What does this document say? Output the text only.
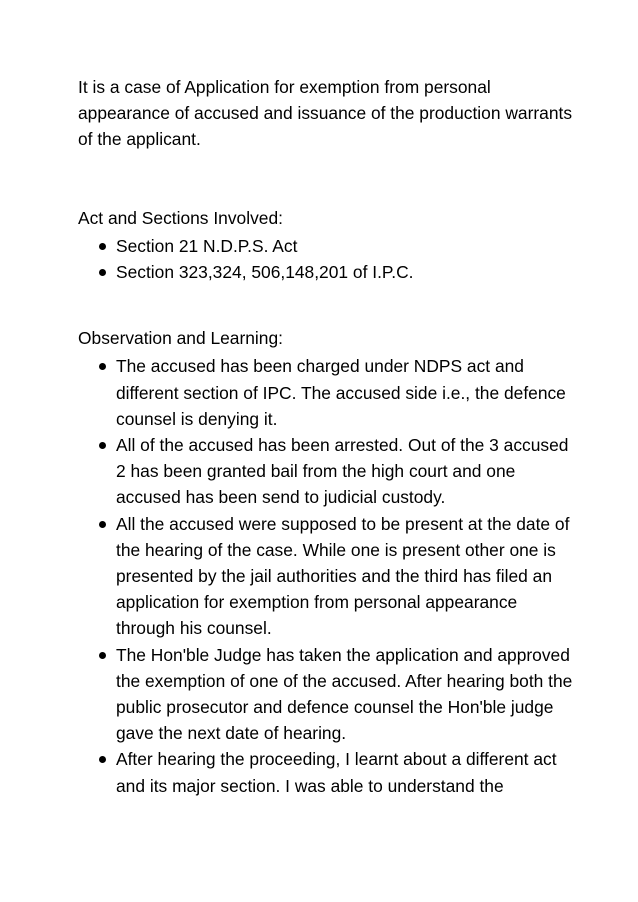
It is a case of Application for exemption from personal appearance of accused and issuance of the production warrants of the applicant.

Act and Sections Involved:

Section 21 N.D.P.S. Act
Section 323,324, 506,148,201 of I.P.C.

Observation and Learning:

The accused has been charged under NDPS act and different section of IPC. The accused side i.e., the defence counsel is denying it.
All of the accused has been arrested. Out of the 3 accused 2 has been granted bail from the high court and one accused has been send to judicial custody.
All the accused were supposed to be present at the date of the hearing of the case. While one is present other one is presented by the jail authorities and the third has filed an application for exemption from personal appearance through his counsel.
The Hon'ble Judge has taken the application and approved the exemption of one of the accused. After hearing both the public prosecutor and defence counsel the Hon'ble judge gave the next date of hearing.
After hearing the proceeding, I learnt about a different act and its major section. I was able to understand the
